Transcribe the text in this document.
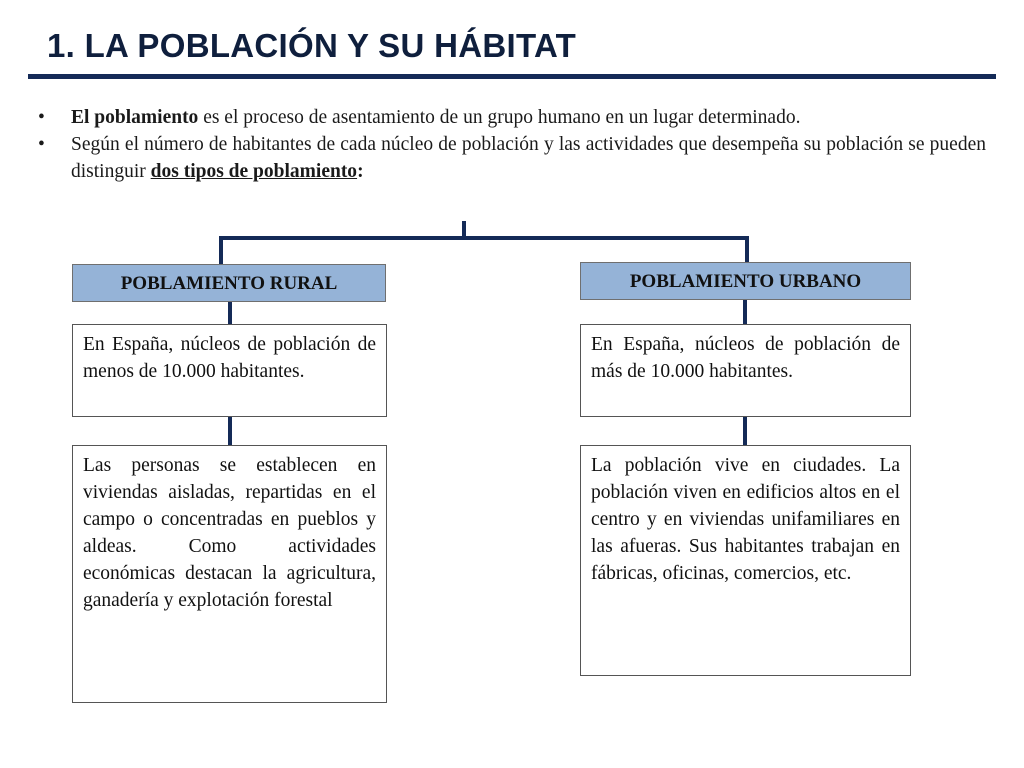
1. LA POBLACIÓN Y SU HÁBITAT
• El poblamiento es el proceso de asentamiento de un grupo humano en un lugar determinado.
• Según el número de habitantes de cada núcleo de población y las actividades que desempeña su población se pueden distinguir dos tipos de poblamiento:
POBLAMIENTO RURAL
En España, núcleos de población de menos de 10.000 habitantes.
Las personas se establecen en viviendas aisladas, repartidas en el campo o concentradas en pueblos y aldeas. Como actividades económicas destacan la agricultura, ganadería y explotación forestal
POBLAMIENTO URBANO
En España, núcleos de población de más de 10.000 habitantes.
La población vive en ciudades. La población viven en edificios altos en el centro y en viviendas unifamiliares en las afueras. Sus habitantes trabajan en fábricas, oficinas, comercios, etc.
